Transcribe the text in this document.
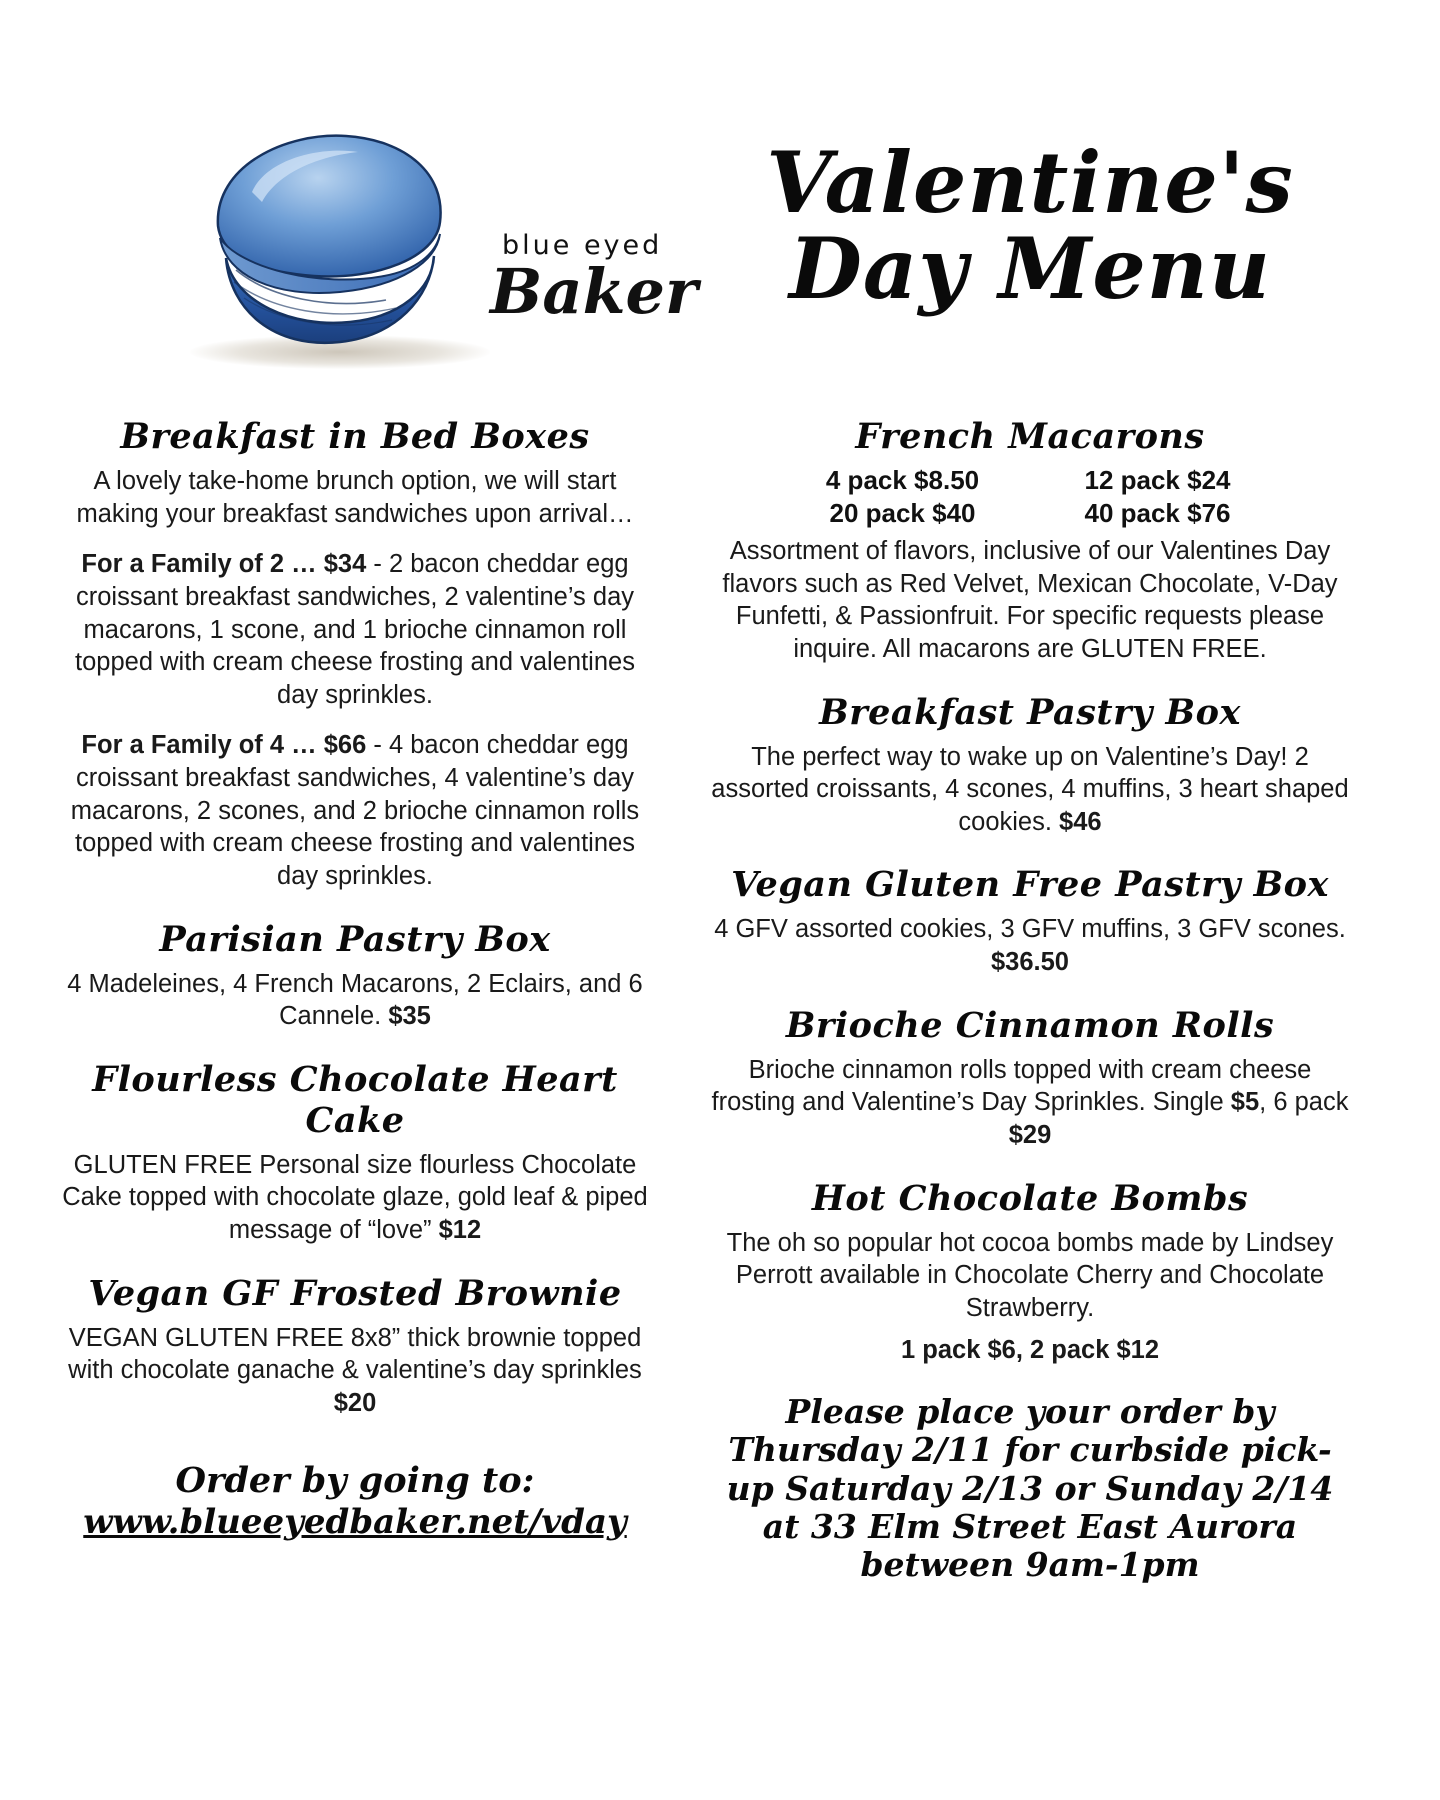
blue eyed
Baker
Valentine's
Day Menu
Breakfast in Bed Boxes

A lovely take-home brunch option, we will start making your breakfast sandwiches upon arrival…

For a Family of 2 … $34 - 2 bacon cheddar egg croissant breakfast sandwiches, 2 valentine’s day macarons, 1 scone, and 1 brioche cinnamon roll topped with cream cheese frosting and valentines day sprinkles.

For a Family of 4 … $66 - 4 bacon cheddar egg croissant breakfast sandwiches, 4 valentine’s day macarons, 2 scones, and 2 brioche cinnamon rolls topped with cream cheese frosting and valentines day sprinkles.

Parisian Pastry Box

4 Madeleines, 4 French Macarons, 2 Eclairs, and 6 Cannele. $35

Flourless Chocolate Heart Cake

GLUTEN FREE Personal size flourless Chocolate Cake topped with chocolate glaze, gold leaf & piped message of “love” $12

Vegan GF Frosted Brownie

VEGAN GLUTEN FREE 8x8” thick brownie topped with chocolate ganache & valentine’s day sprinkles $20

Order by going to:
www.blueeyedbaker.net/vday
French Macarons
4 pack $8.50	12 pack $24
20 pack $40	40 pack $76

Assortment of flavors, inclusive of our Valentines Day flavors such as Red Velvet, Mexican Chocolate, V-Day Funfetti, & Passionfruit. For specific requests please inquire. All macarons are GLUTEN FREE.

Breakfast Pastry Box

The perfect way to wake up on Valentine’s Day! 2 assorted croissants, 4 scones, 4 muffins, 3 heart shaped cookies. $46

Vegan Gluten Free Pastry Box

4 GFV assorted cookies, 3 GFV muffins, 3 GFV scones. $36.50

Brioche Cinnamon Rolls

Brioche cinnamon rolls topped with cream cheese frosting and Valentine’s Day Sprinkles. Single $5, 6 pack $29

Hot Chocolate Bombs

The oh so popular hot cocoa bombs made by Lindsey Perrott available in Chocolate Cherry and Chocolate Strawberry.

1 pack $6, 2 pack $12

Please place your order by Thursday 2/11 for curbside pick-up Saturday 2/13 or Sunday 2/14 at 33 Elm Street East Aurora between 9am-1pm
